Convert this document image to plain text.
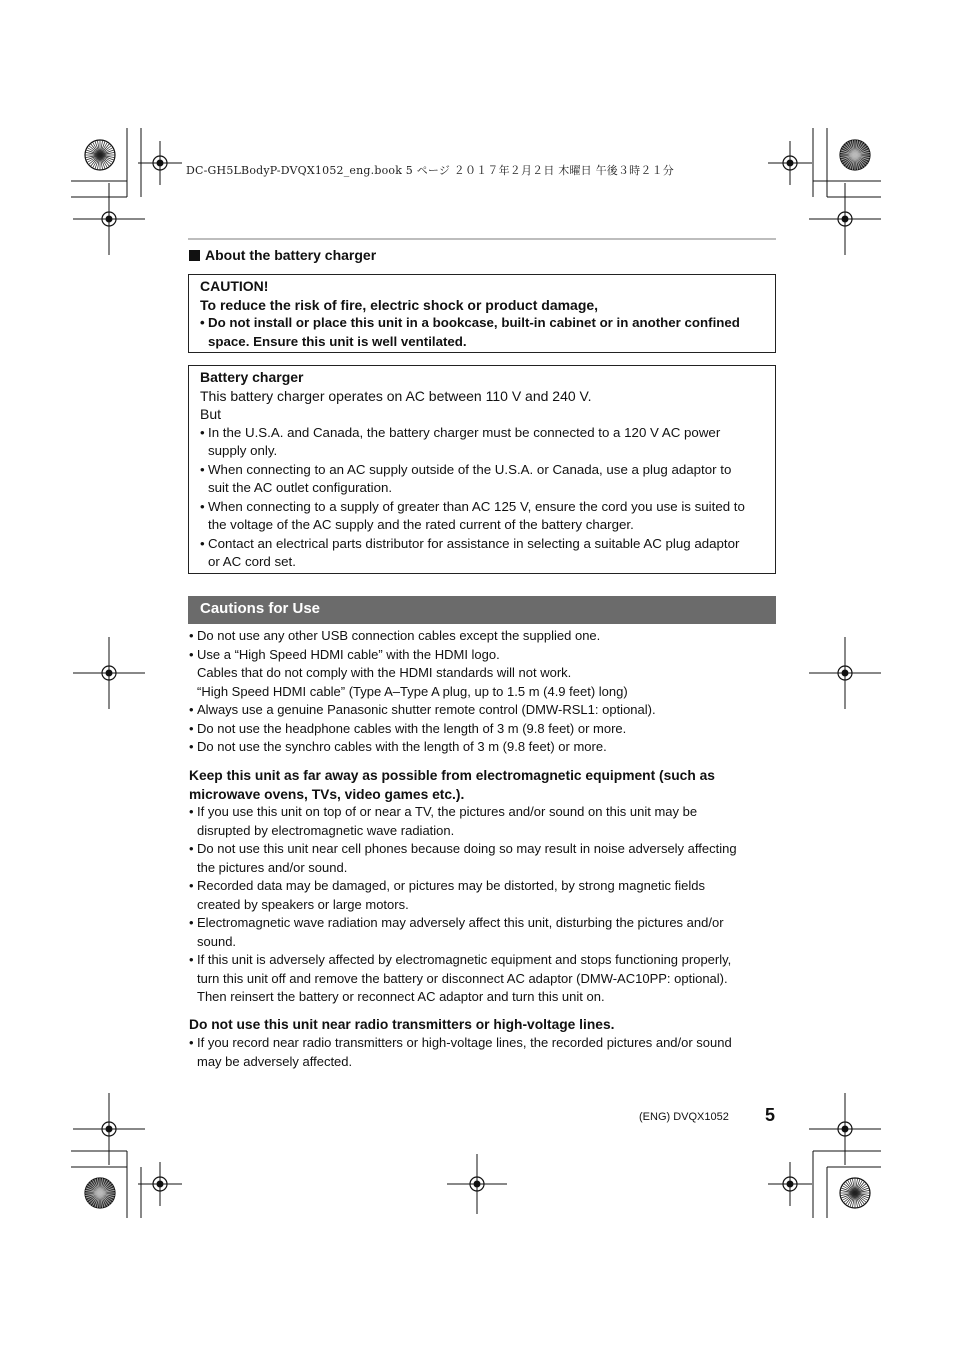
DC-GH5LBodyP-DVQX1052_eng.book 5 ページ ２０１７年２月２日 木曜日 午後３時２１分
About the battery charger
CAUTION!
To reduce the risk of fire, electric shock or product damage,
• Do not install or place this unit in a bookcase, built-in cabinet or in another confined
space. Ensure this unit is well ventilated.
Battery charger
This battery charger operates on AC between 110 V and 240 V.
But
• In the U.S.A. and Canada, the battery charger must be connected to a 120 V AC power
supply only.
• When connecting to an AC supply outside of the U.S.A. or Canada, use a plug adaptor to
suit the AC outlet configuration.
• When connecting to a supply of greater than AC 125 V, ensure the cord you use is suited to
the voltage of the AC supply and the rated current of the battery charger.
• Contact an electrical parts distributor for assistance in selecting a suitable AC plug adaptor
or AC cord set.
Cautions for Use
• Do not use any other USB connection cables except the supplied one.
• Use a “High Speed HDMI cable” with the HDMI logo.
Cables that do not comply with the HDMI standards will not work.
“High Speed HDMI cable” (Type A–Type A plug, up to 1.5 m (4.9 feet) long)
• Always use a genuine Panasonic shutter remote control (DMW-RSL1: optional).
• Do not use the headphone cables with the length of 3 m (9.8 feet) or more.
• Do not use the synchro cables with the length of 3 m (9.8 feet) or more.
Keep this unit as far away as possible from electromagnetic equipment (such as
microwave ovens, TVs, video games etc.).
• If you use this unit on top of or near a TV, the pictures and/or sound on this unit may be
disrupted by electromagnetic wave radiation.
• Do not use this unit near cell phones because doing so may result in noise adversely affecting
the pictures and/or sound.
• Recorded data may be damaged, or pictures may be distorted, by strong magnetic fields
created by speakers or large motors.
• Electromagnetic wave radiation may adversely affect this unit, disturbing the pictures and/or
sound.
• If this unit is adversely affected by electromagnetic equipment and stops functioning properly,
turn this unit off and remove the battery or disconnect AC adaptor (DMW-AC10PP: optional).
Then reinsert the battery or reconnect AC adaptor and turn this unit on.
Do not use this unit near radio transmitters or high-voltage lines.
• If you record near radio transmitters or high-voltage lines, the recorded pictures and/or sound
may be adversely affected.
(ENG) DVQX1052 5
